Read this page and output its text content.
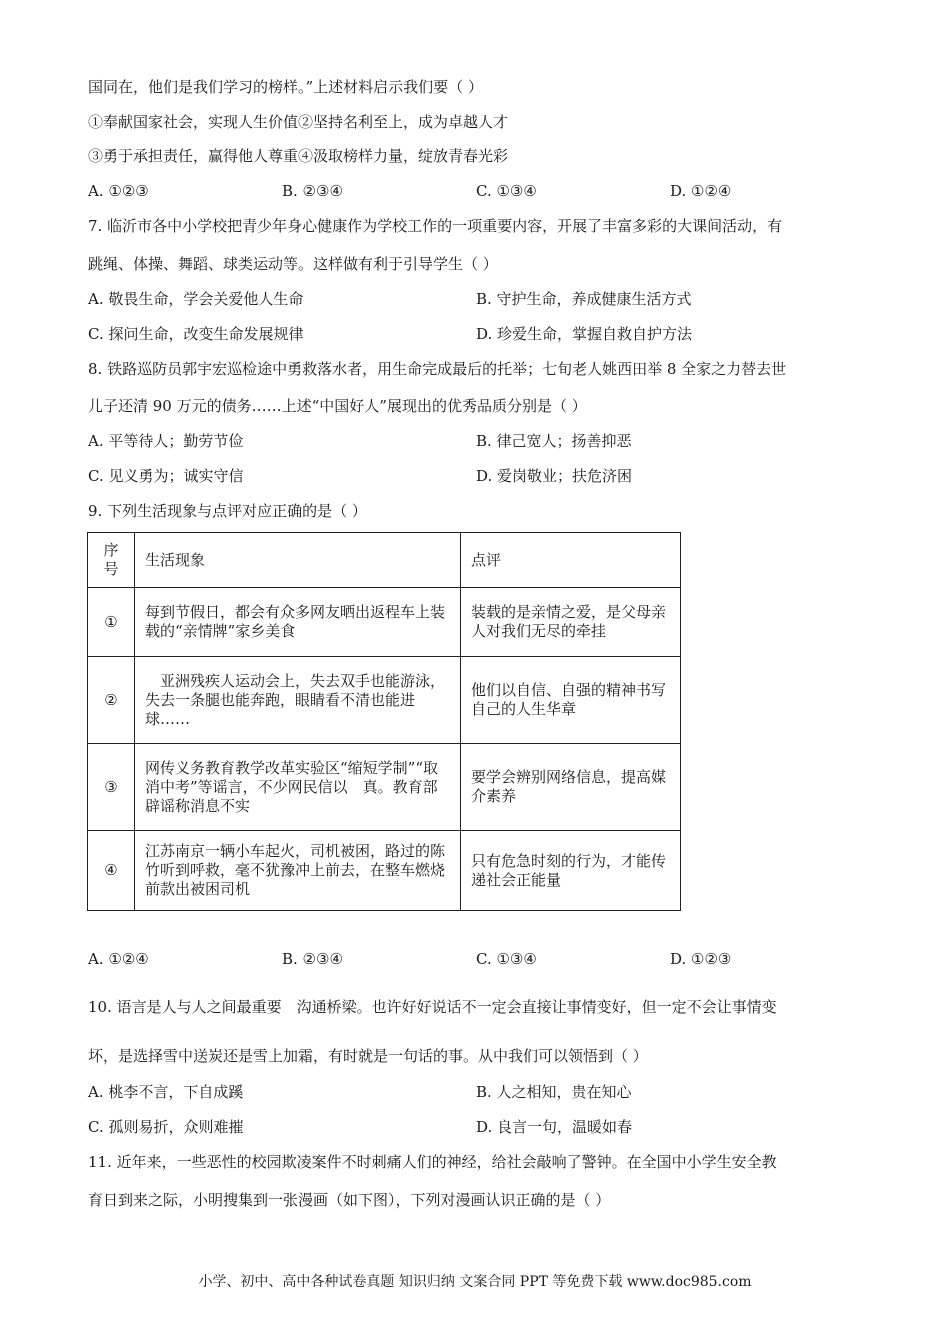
国同在，他们是我们学习的榜样。”上述材料启示我们要（ ）
①奉献国家社会，实现人生价值②坚持名利至上，成为卓越人才
③勇于承担责任，赢得他人尊重④汲取榜样力量，绽放青春光彩
A. ①②③	B. ②③④	C. ①③④	D. ①②④
7. 临沂市各中小学校把青少年身心健康作为学校工作的一项重要内容，开展了丰富多彩的大课间活动，有
跳绳、体操、舞蹈、球类运动等。这样做有利于引导学生（ ）
A. 敬畏生命，学会关爱他人生命	B. 守护生命，养成健康生活方式
C. 探问生命，改变生命发展规律	D. 珍爱生命，掌握自救自护方法
8. 铁路巡防员郭宇宏巡检途中勇救落水者，用生命完成最后的托举；七旬老人姚西田举 8 全家之力替去世
儿子还清 90 万元的债务……上述“中国好人”展现出的优秀品质分别是（ ）
A. 平等待人；勤劳节俭	B. 律己宽人；扬善抑恶
C. 见义勇为；诚实守信	D. 爱岗敬业；扶危济困
9. 下列生活现象与点评对应正确的是（ ）
序号	生活现象	点评
①	每到节假日，都会有众多网友晒出返程车上装载的“亲情牌”家乡美食	装载的是亲情之爱，是父母亲人对我们无尽的牵挂
②	　亚洲残疾人运动会上，失去双手也能游泳，失去一条腿也能奔跑，眼睛看不清也能进球……	他们以自信、自强的精神书写自己的人生华章
③	网传义务教育教学改革实验区“缩短学制”“取消中考”等谣言，不少网民信以　真。教育部辟谣称消息不实	要学会辨别网络信息，提高媒介素养
④	江苏南京一辆小车起火，司机被困，路过的陈竹听到呼救，毫不犹豫冲上前去，在整车燃烧前款出被困司机	只有危急时刻的行为，才能传递社会正能量
A. ①②④	B. ②③④	C. ①③④	D. ①②③
10. 语言是人与人之间最重要　沟通桥梁。也许好好说话不一定会直接让事情变好，但一定不会让事情变
坏，是选择雪中送炭还是雪上加霜，有时就是一句话的事。从中我们可以领悟到（ ）
A. 桃李不言，下自成蹊	B. 人之相知，贵在知心
C. 孤则易折，众则难摧	D. 良言一句，温暖如春
11. 近年来，一些恶性的校园欺凌案件不时刺痛人们的神经，给社会敲响了警钟。在全国中小学生安全教
育日到来之际，小明搜集到一张漫画（如下图），下列对漫画认识正确的是（ ）
小学、初中、高中各种试卷真题 知识归纳 文案合同 PPT 等免费下载 www.doc985.com
